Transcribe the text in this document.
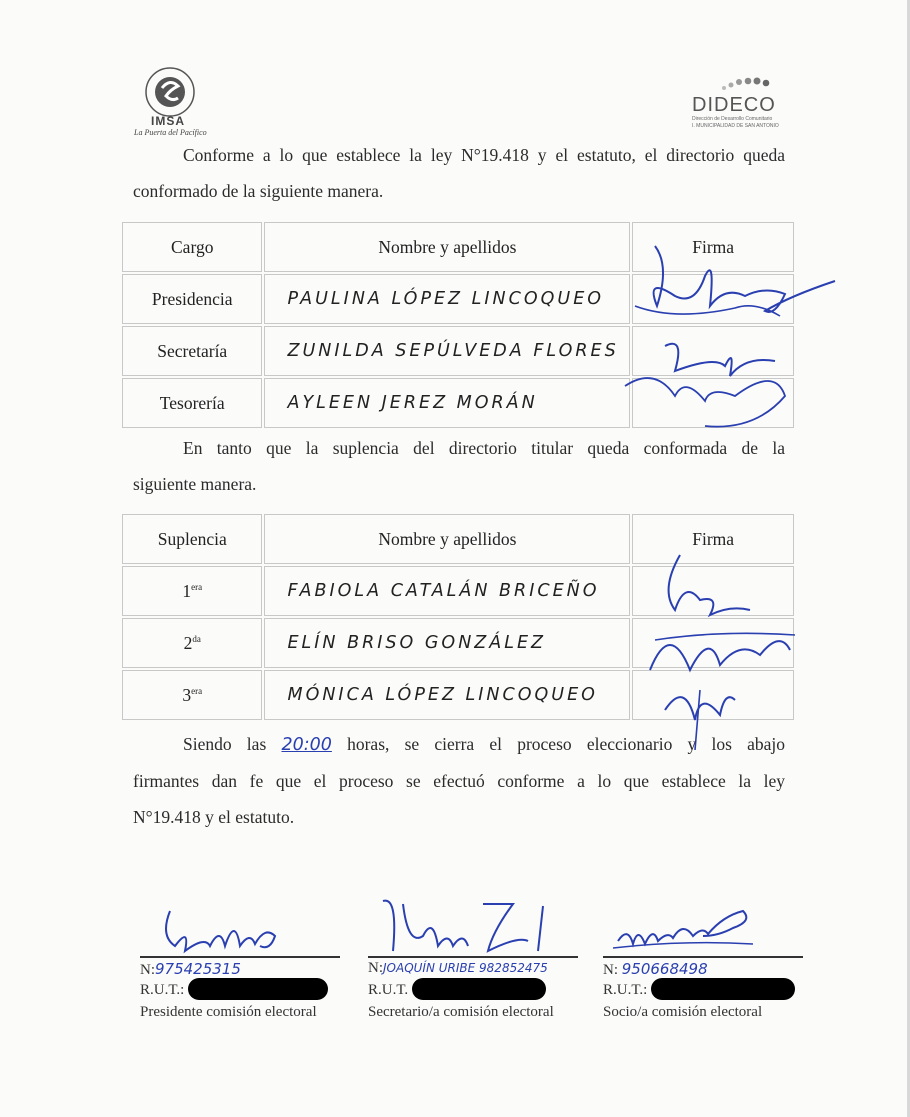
IMSA
La Puerta del Pacífico
DIDECO
Dirección de Desarrollo Comunitario
I. MUNICIPALIDAD DE SAN ANTONIO
Conforme a lo que establece la ley N°19.418 y el estatuto, el directorio queda
conformado de la siguiente manera.
Cargo	Nombre y apellidos	Firma
Presidencia	PAULINA LÓPEZ LINCOQUEO	
Secretaría	ZUNILDA SEPÚLVEDA FLORES	
Tesorería	AYLEEN JEREZ MORÁN	
En tanto que la suplencia del directorio titular queda conformada de la
siguiente manera.
Suplencia	Nombre y apellidos	Firma
$1^{era}$	FABIOLA CATALÁN BRICEÑO	
$2^{da}$	ELÍN BRISO GONZÁLEZ	
$3^{era}$	MÓNICA LÓPEZ LINCOQUEO	
Siendo las 20:00 horas, se cierra el proceso eleccionario y los abajo
firmantes dan fe que el proceso se efectuó conforme a lo que establece la ley
N°19.418 y el estatuto.
N:975425315
R.U.T.:
Presidente comisión electoral
N:JOAQUÍN URIBE 982852475
R.U.T.
Secretario/a comisión electoral
N: 950668498
R.U.T.:
Socio/a comisión electoral
